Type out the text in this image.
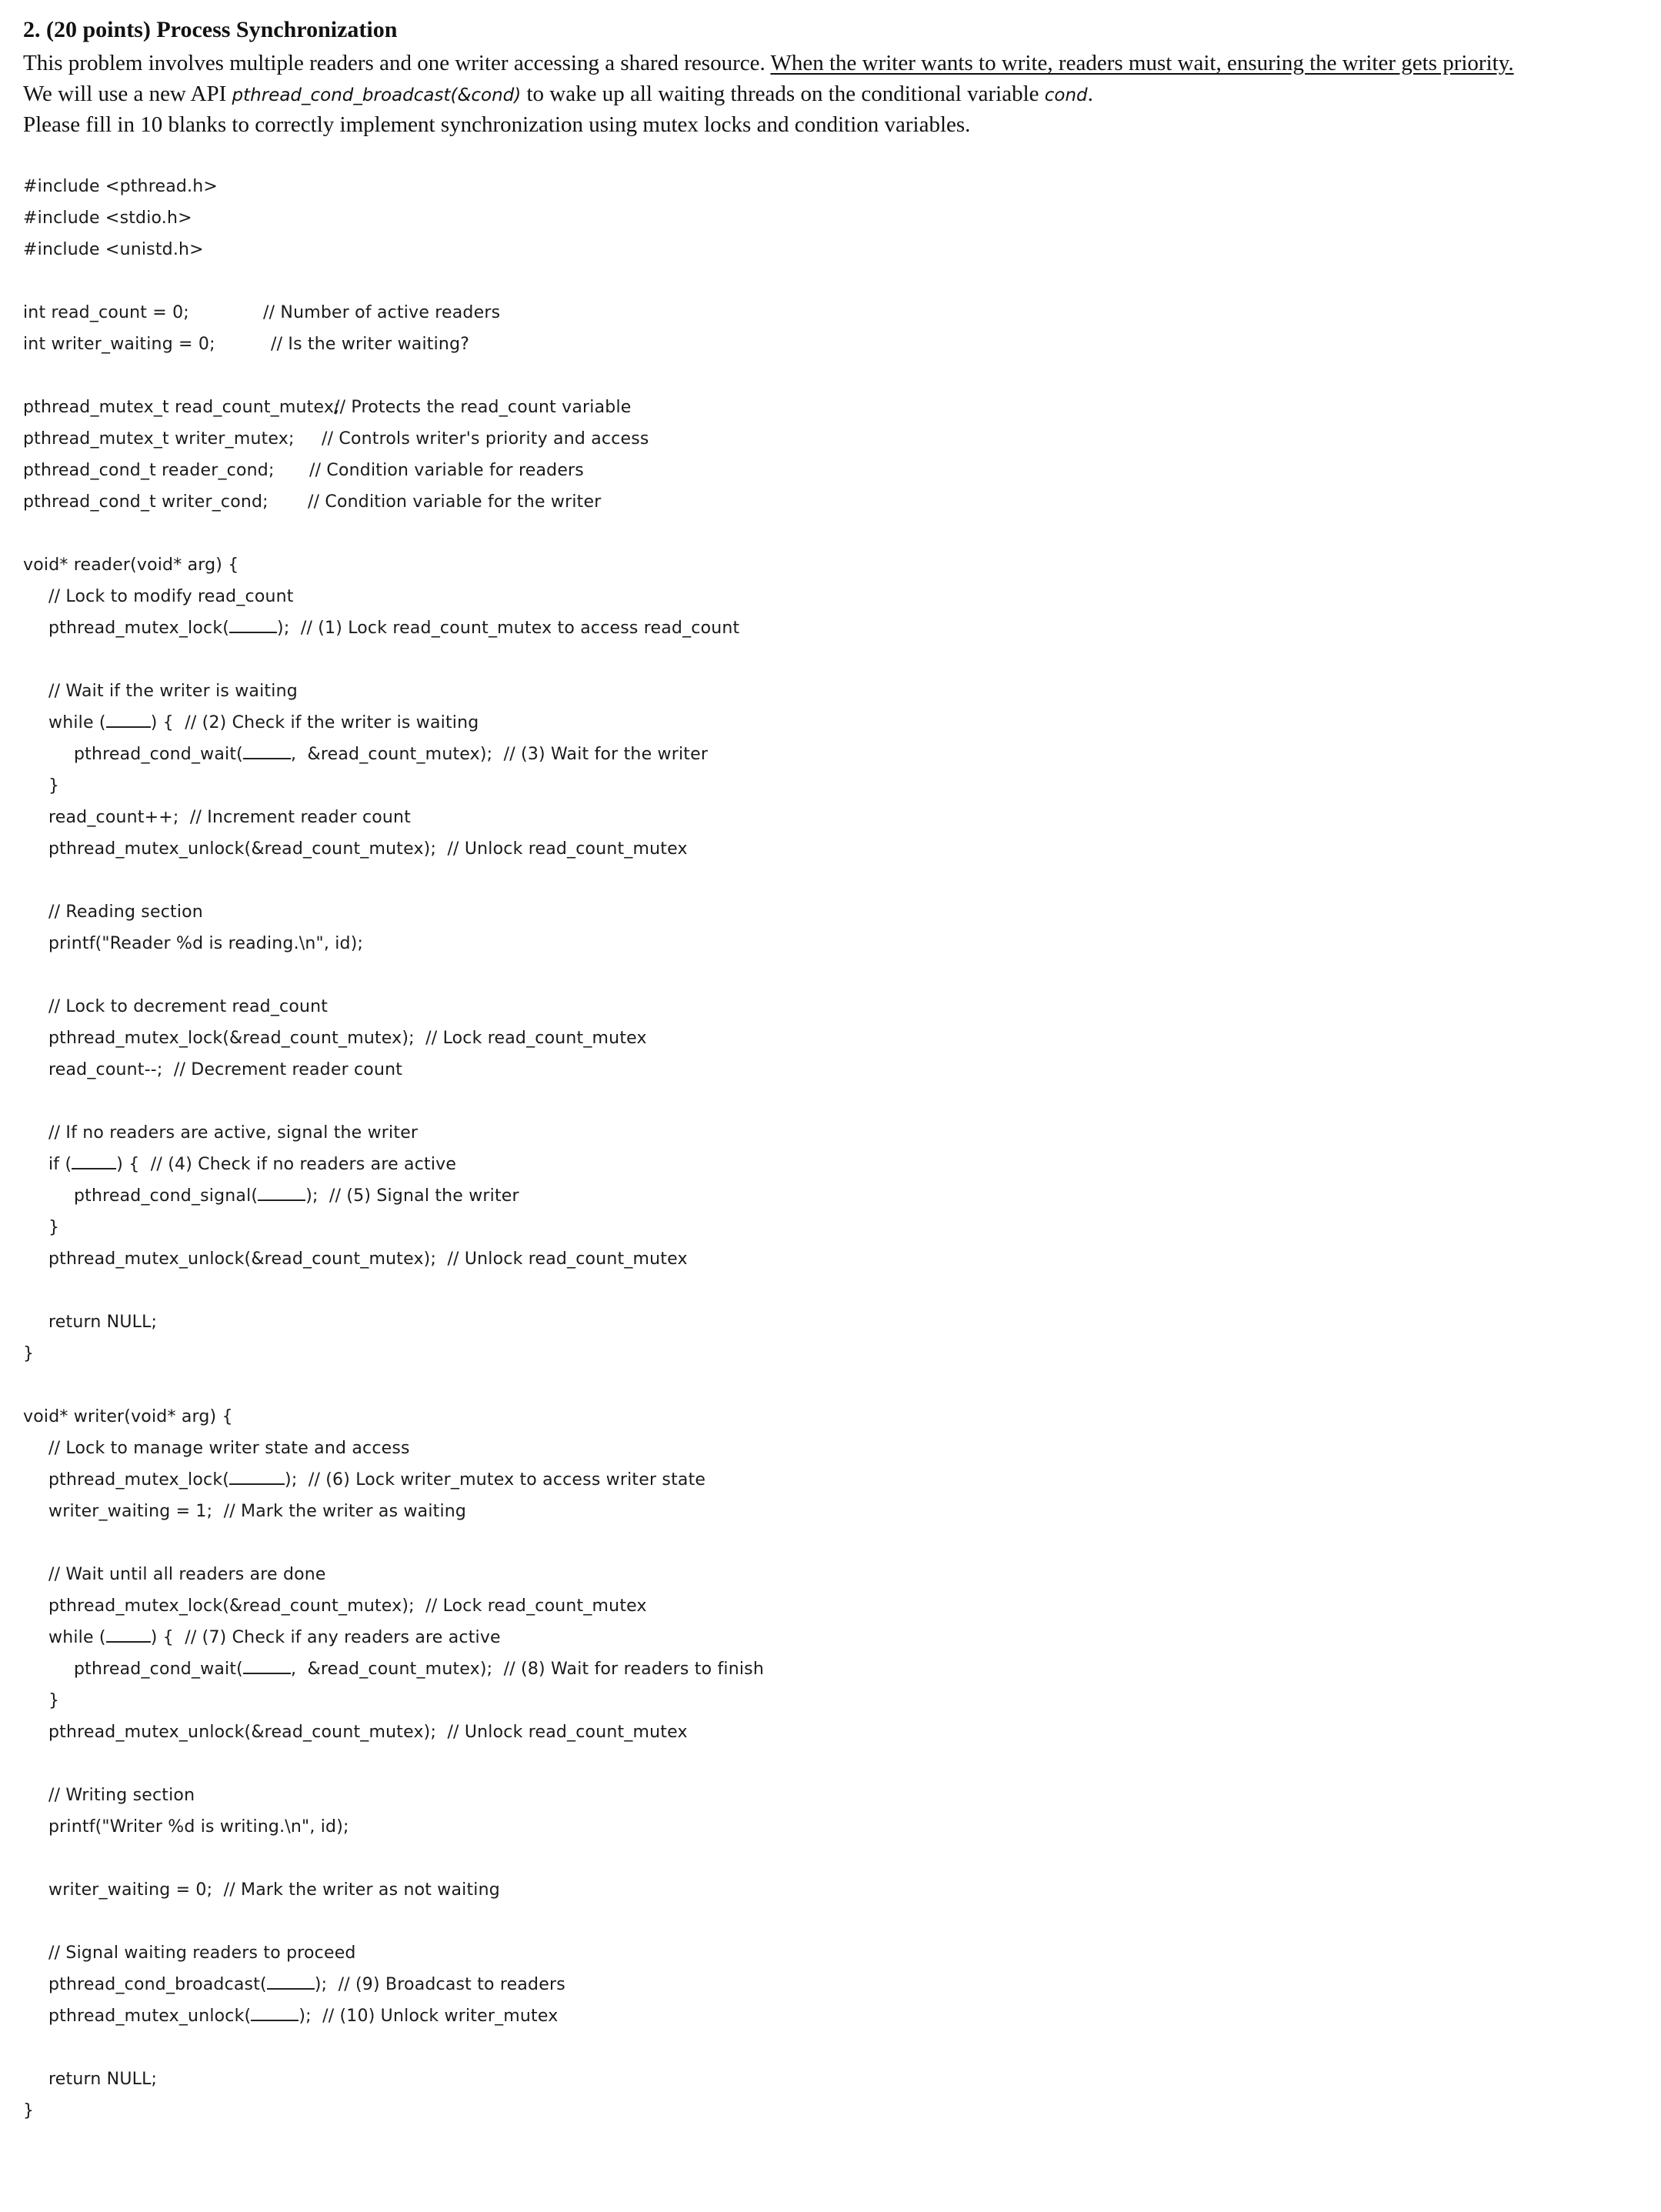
2. (20 points) Process Synchronization
This problem involves multiple readers and one writer accessing a shared resource. When the writer wants to write, readers must wait, ensuring the writer gets priority.
We will use a new API pthread_cond_broadcast(&cond) to wake up all waiting threads on the conditional variable cond.
Please fill in 10 blanks to correctly implement synchronization using mutex locks and condition variables.
#include <pthread.h>
#include <stdio.h>
#include <unistd.h>
int read_count = 0;	// Number of active readers
int writer_waiting = 0;	// Is the writer waiting?
pthread_mutex_t read_count_mutex;
// Protects the read_count variable
pthread_mutex_t writer_mutex; // Controls writer's priority and access
pthread_cond_t reader_cond; // Condition variable for readers
pthread_cond_t writer_cond; // Condition variable for the writer
void* reader(void* arg) {
// Lock to modify read_count
pthread_mutex_lock(	);  // (1) Lock read_count_mutex to access read_count
// Wait if the writer is waiting
while (	) {  // (2) Check if the writer is waiting
pthread_cond_wait(	,  &read_count_mutex);  // (3) Wait for the writer
}
read_count++;  // Increment reader count
pthread_mutex_unlock(&read_count_mutex);  // Unlock read_count_mutex
// Reading section
printf("Reader %d is reading.\n", id);
// Lock to decrement read_count
pthread_mutex_lock(&read_count_mutex);  // Lock read_count_mutex
read_count--;  // Decrement reader count
// If no readers are active, signal the writer
if (	) {  // (4) Check if no readers are active
pthread_cond_signal(	);  // (5) Signal the writer
}
pthread_mutex_unlock(&read_count_mutex);  // Unlock read_count_mutex
return NULL;
}
void* writer(void* arg) {
// Lock to manage writer state and access
pthread_mutex_lock(	);  // (6) Lock writer_mutex to access writer state
writer_waiting = 1;  // Mark the writer as waiting
// Wait until all readers are done
pthread_mutex_lock(&read_count_mutex);  // Lock read_count_mutex
while (	) {  // (7) Check if any readers are active
pthread_cond_wait(	,  &read_count_mutex);  // (8) Wait for readers to finish
}
pthread_mutex_unlock(&read_count_mutex);  // Unlock read_count_mutex
// Writing section
printf("Writer %d is writing.\n", id);
writer_waiting = 0;  // Mark the writer as not waiting
// Signal waiting readers to proceed
pthread_cond_broadcast(	);  // (9) Broadcast to readers
pthread_mutex_unlock(	);  // (10) Unlock writer_mutex
return NULL;
}
